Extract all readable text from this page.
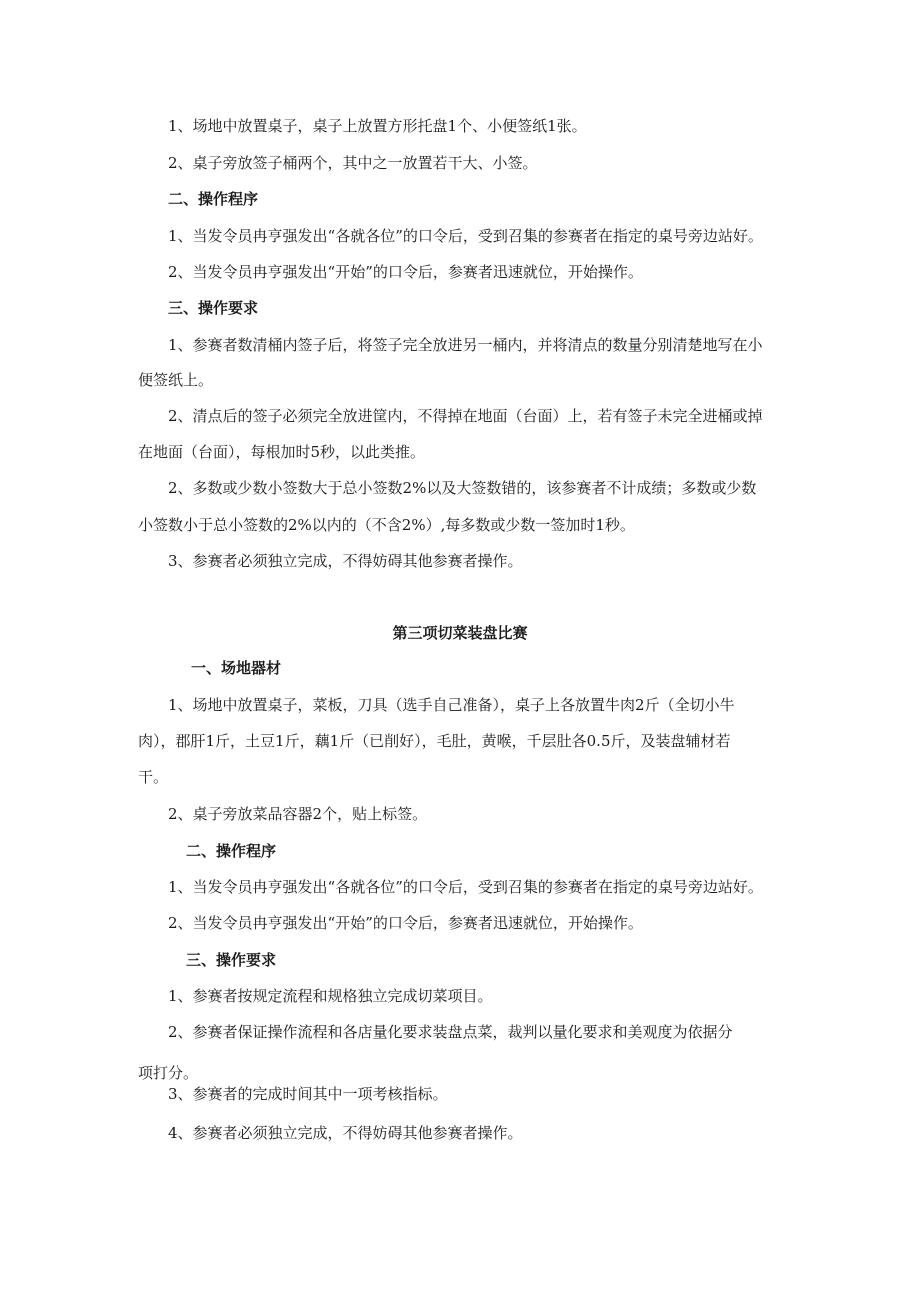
1、场地中放置桌子，桌子上放置方形托盘1个、小便签纸1张。

2、桌子旁放签子桶两个，其中之一放置若干大、小签。

二、操作程序

1、当发令员冉亨强发出“各就各位”的口令后，受到召集的参赛者在指定的桌号旁边站好。

2、当发令员冉亨强发出“开始”的口令后，参赛者迅速就位，开始操作。

三、操作要求

1、参赛者数清桶内签子后，将签子完全放进另一桶内，并将清点的数量分别清楚地写在小

便签纸上。

2、清点后的签子必须完全放进筐内，不得掉在地面（台面）上，若有签子未完全进桶或掉

在地面（台面），每根加时5秒，以此类推。

2、多数或少数小签数大于总小签数2%以及大签数错的，该参赛者不计成绩；多数或少数

小签数小于总小签数的2%以内的（不含2%）,每多数或少数一签加时1秒。

3、参赛者必须独立完成，不得妨碍其他参赛者操作。

第三项切菜装盘比赛

一、场地器材

1、场地中放置桌子，菜板，刀具（选手自己准备），桌子上各放置牛肉2斤（全切小牛

肉），郡肝1斤，土豆1斤，藕1斤（已削好），毛肚，黄喉，千层肚各0.5斤，及装盘辅材若

干。

2、桌子旁放菜品容器2个，贴上标签。

二、操作程序

1、当发令员冉亨强发出“各就各位”的口令后，受到召集的参赛者在指定的桌号旁边站好。

2、当发令员冉亨强发出“开始”的口令后，参赛者迅速就位，开始操作。

三、操作要求

1、参赛者按规定流程和规格独立完成切菜项目。

2、参赛者保证操作流程和各店量化要求装盘点菜，裁判以量化要求和美观度为依据分

项打分。

3、参赛者的完成时间其中一项考核指标。

4、参赛者必须独立完成，不得妨碍其他参赛者操作。
